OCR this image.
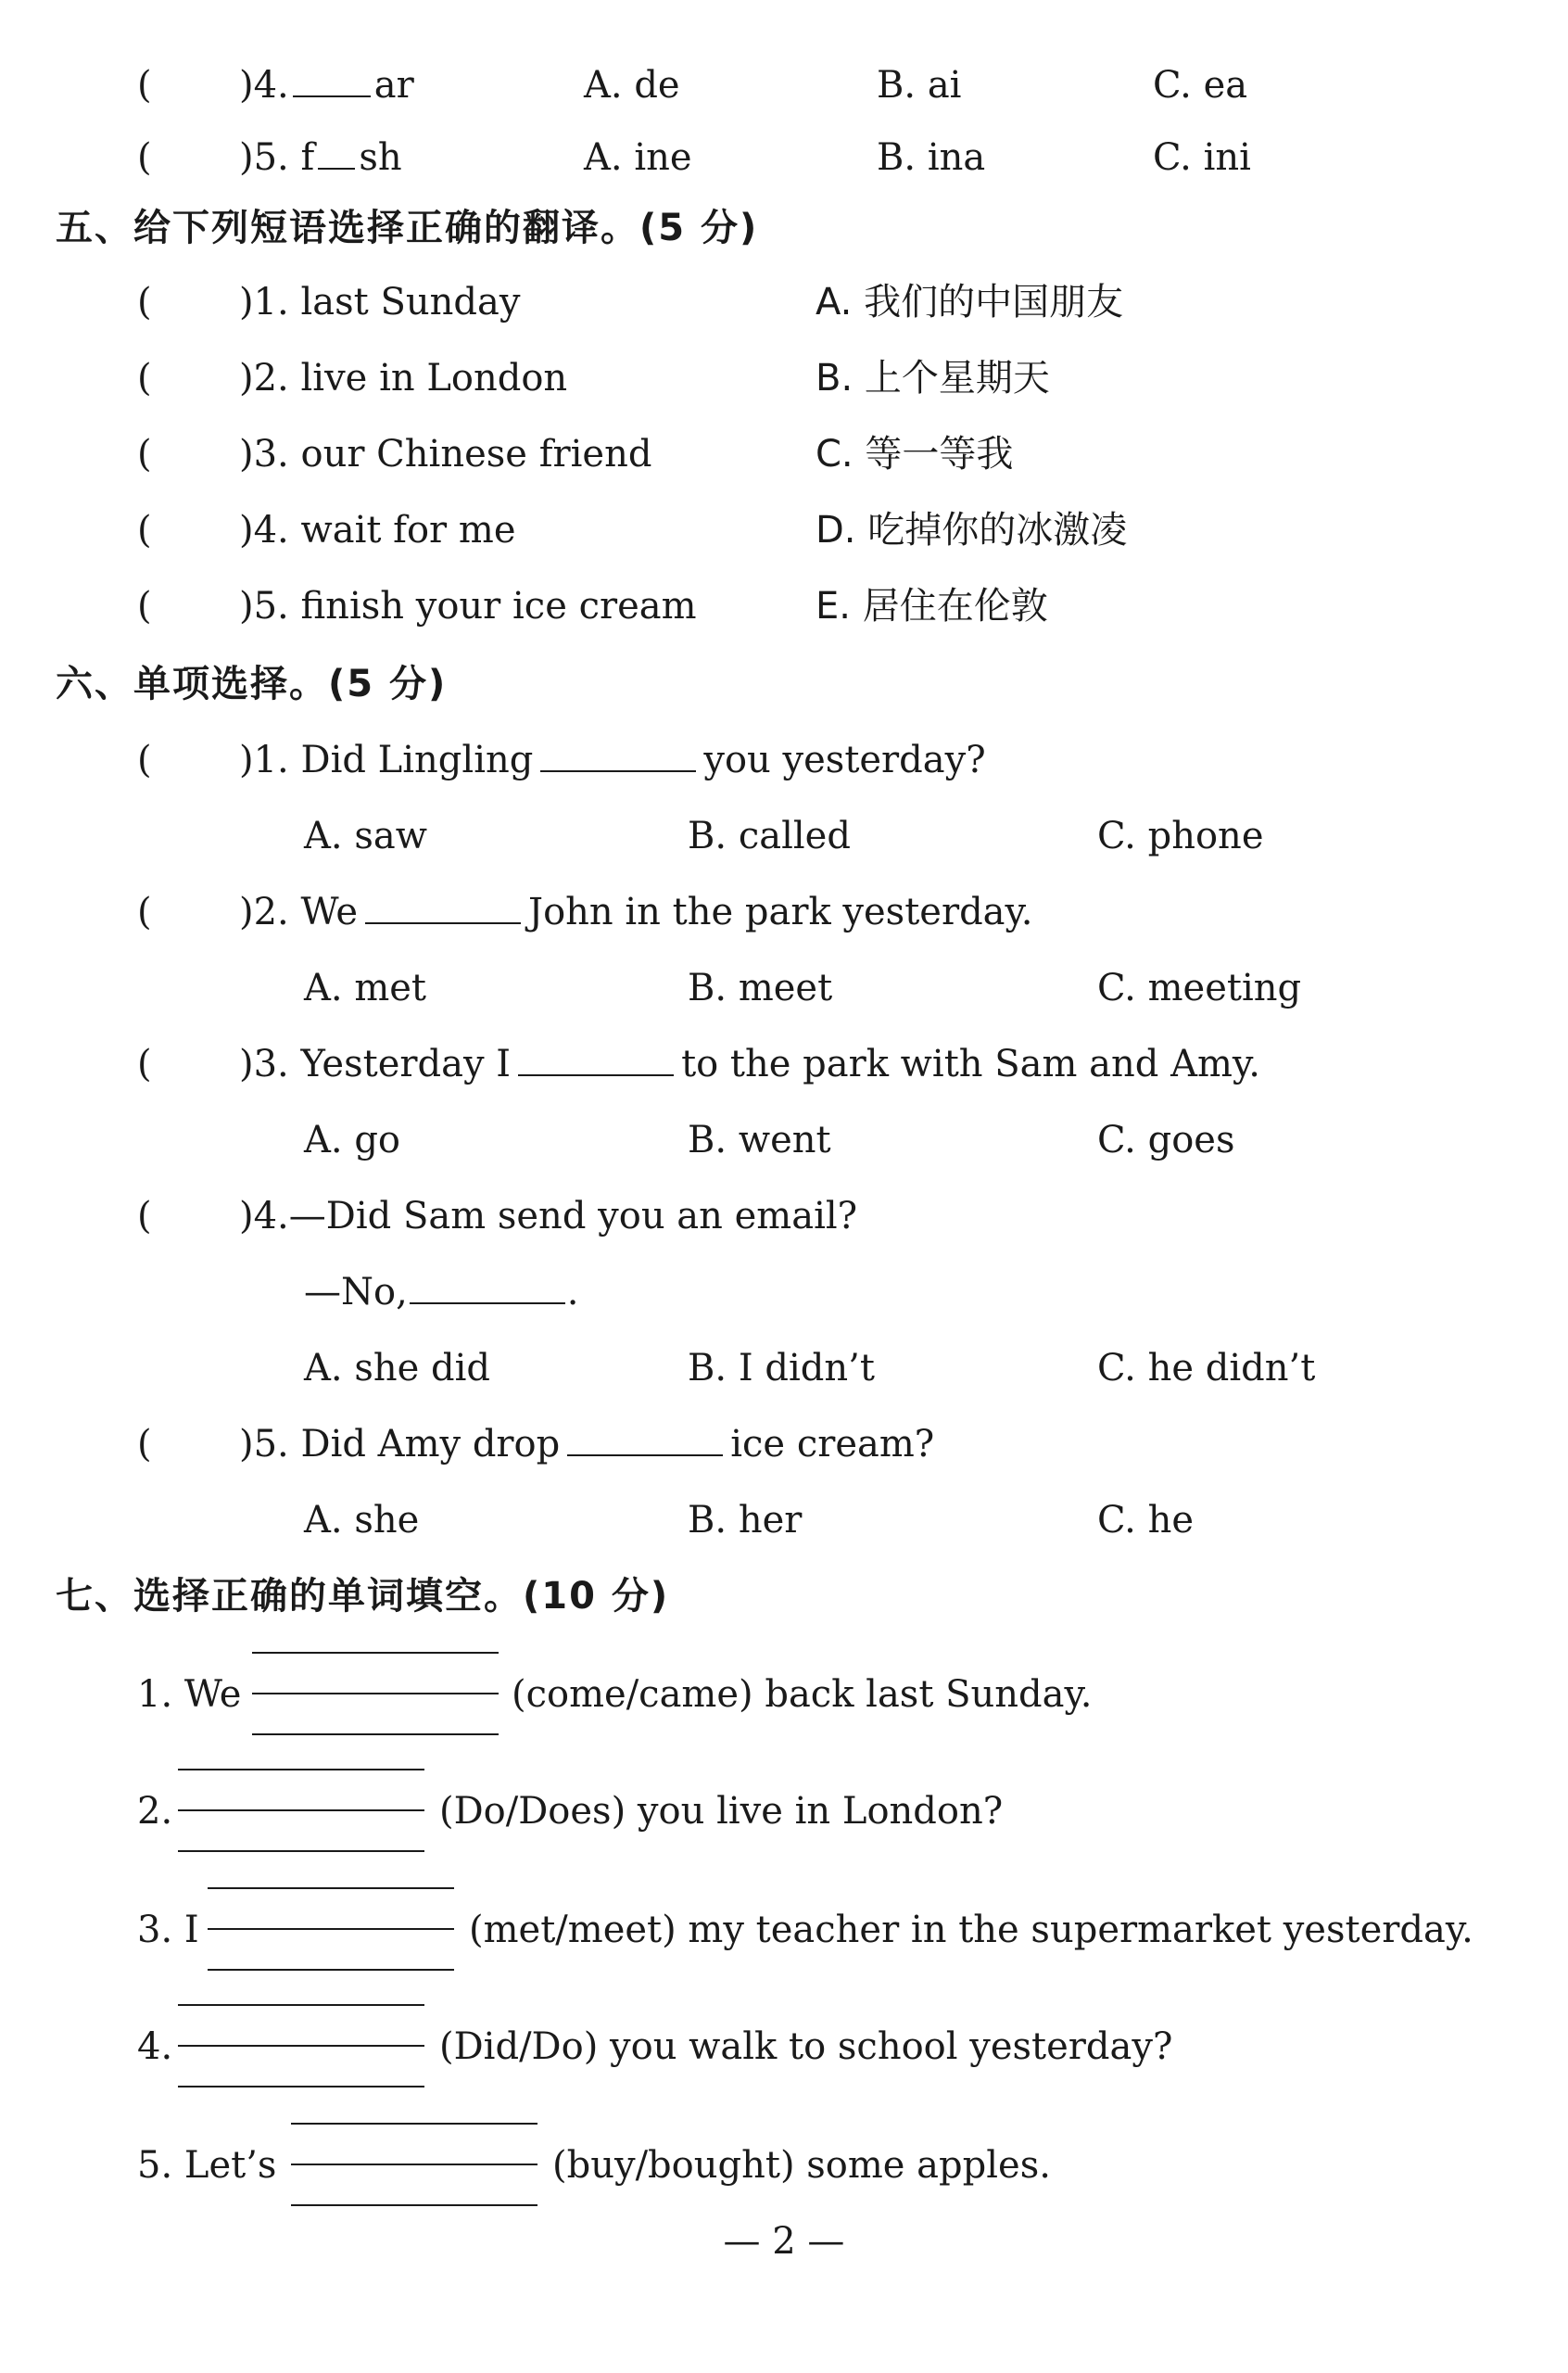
( )4. ar	A. de	B. ai	C. ea
( )5. f sh	A. ine	B. ina	C. ini
五、给下列短语选择正确的翻译。(5 分)
( )1. last Sunday	A. 我们的中国朋友
( )2. live in London	B. 上个星期天
( )3. our Chinese friend	C. 等一等我
( )4. wait for me	D. 吃掉你的冰激凌
( )5. finish your ice cream	E. 居住在伦敦
六、单项选择。(5 分)
( )1. Did Lingling	you yesterday?
A. saw	B. called	C. phone
( )2. We	John in the park yesterday.
A. met	B. meet	C. meeting
( )3. Yesterday I	to the park with Sam and Amy.
A. go	B. went	C. goes
( )4.—Did Sam send you an email?
—No,	.
A. she did	B. I didn’t	C. he didn’t
( )5. Did Amy drop	ice cream?
A. she	B. her	C. he
七、选择正确的单词填空。(10 分)
1. We	(come/came) back last Sunday.
2.	(Do/Does) you live in London?
3. I	(met/meet) my teacher in the supermarket yesterday.
4.	(Did/Do) you walk to school yesterday?
5. Let’s	(buy/bought) some apples.
— 2 —
